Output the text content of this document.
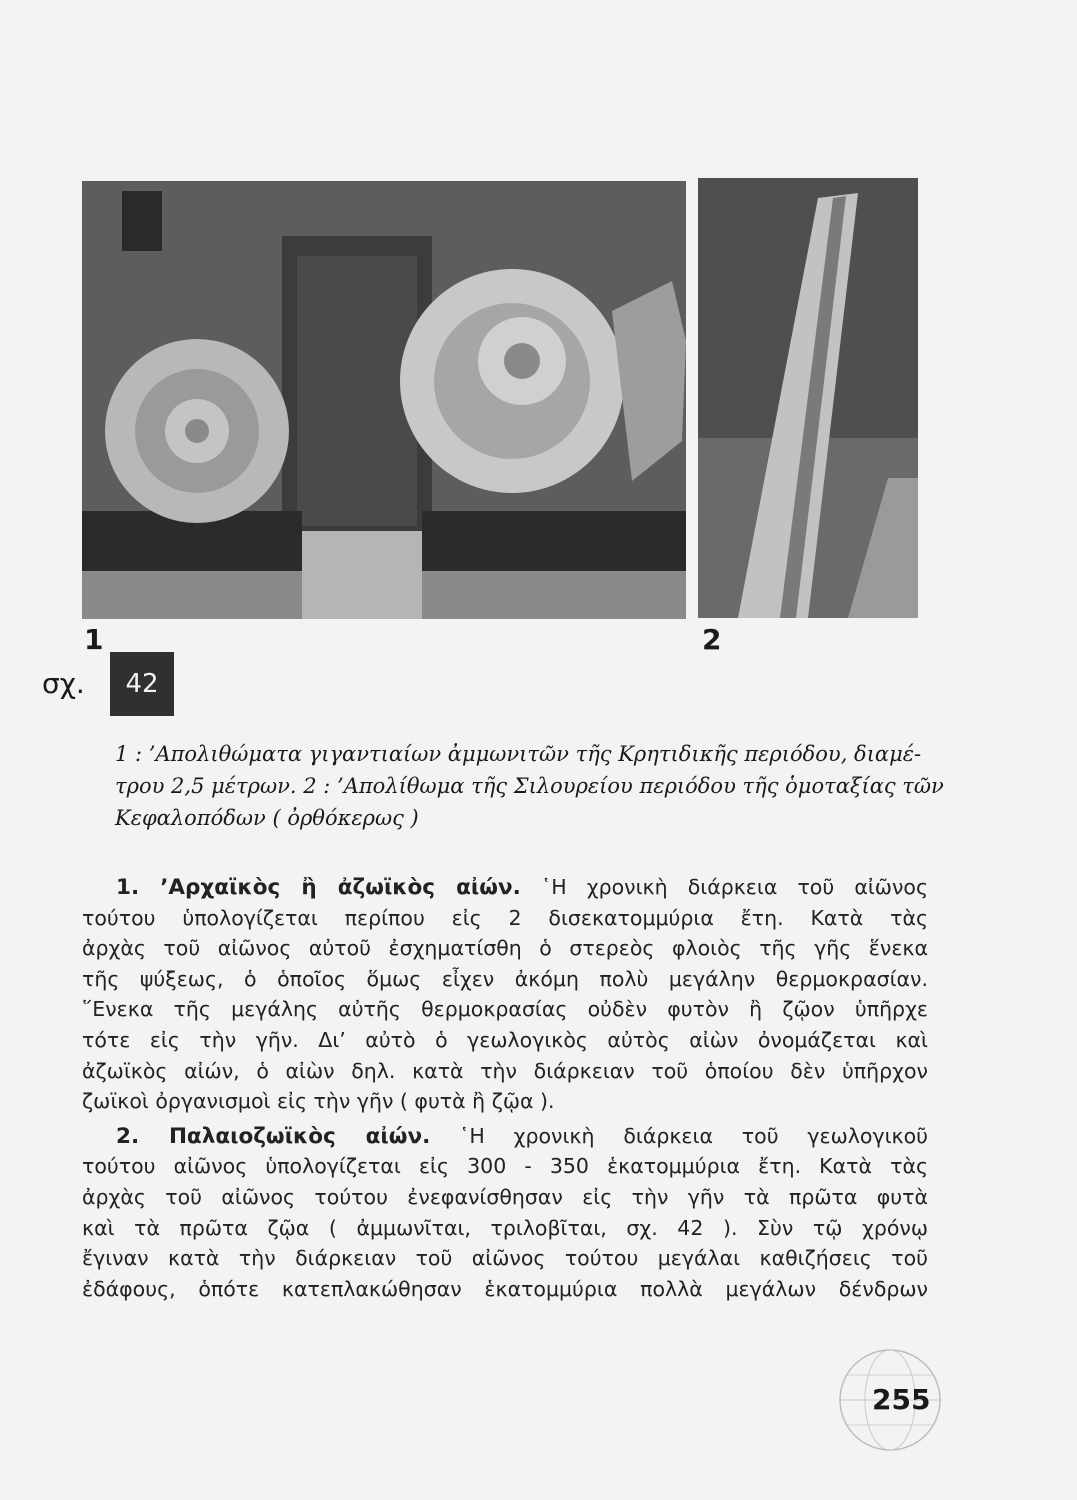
1	2
σχ.	42
1 : ’Απολιθώματα γιγαντιαίων ἀμμωνιτῶν τῆς Κρητιδικῆς περιόδου, διαμέ-
τρου 2,5 μέτρων. 2 : ’Απολίθωμα τῆς Σιλουρείου περιόδου τῆς ὁμοταξίας τῶν
Κεφαλοπόδων ( ὀρθόκερως )
1. ’Αρχαϊκὸς ἢ ἀζωϊκὸς αἰών. ῾Η χρονικὴ διάρκεια τοῦ αἰῶνος
τούτου ὑπολογίζεται περίπου εἰς 2 δισεκατομμύρια ἔτη. Κατὰ τὰς
ἀρχὰς τοῦ αἰῶνος αὐτοῦ ἐσχηματίσθη ὁ στερεὸς φλοιὸς τῆς γῆς ἕνεκα
τῆς ψύξεως, ὁ ὁποῖος ὅμως εἶχεν ἀκόμη πολὺ μεγάλην θερμοκρασίαν.
῞Ενεκα τῆς μεγάλης αὐτῆς θερμοκρασίας οὐδὲν φυτὸν ἢ ζῷον ὑπῆρχε
τότε εἰς τὴν γῆν. Δι’ αὐτὸ ὁ γεωλογικὸς αὐτὸς αἰὼν ὀνομάζεται καὶ
ἀζωϊκὸς αἰών, ὁ αἰὼν δηλ. κατὰ τὴν διάρκειαν τοῦ ὁποίου δὲν ὑπῆρχον
ζωϊκοὶ ὀργανισμοὶ εἰς τὴν γῆν ( φυτὰ ἢ ζῷα ).
2. Παλαιοζωϊκὸς αἰών. ῾Η χρονικὴ διάρκεια τοῦ γεωλογικοῦ
τούτου αἰῶνος ὑπολογίζεται εἰς 300 - 350 ἑκατομμύρια ἔτη. Κατὰ τὰς
ἀρχὰς τοῦ αἰῶνος τούτου ἐνεφανίσθησαν εἰς τὴν γῆν τὰ πρῶτα φυτὰ
καὶ τὰ πρῶτα ζῷα ( ἀμμωνῖται, τριλοβῖται, σχ. 42 ). Σὺν τῷ χρόνῳ
ἔγιναν κατὰ τὴν διάρκειαν τοῦ αἰῶνος τούτου μεγάλαι καθιζήσεις τοῦ
ἐδάφους, ὁπότε κατεπλακώθησαν ἑκατομμύρια πολλὰ μεγάλων δένδρων
255
